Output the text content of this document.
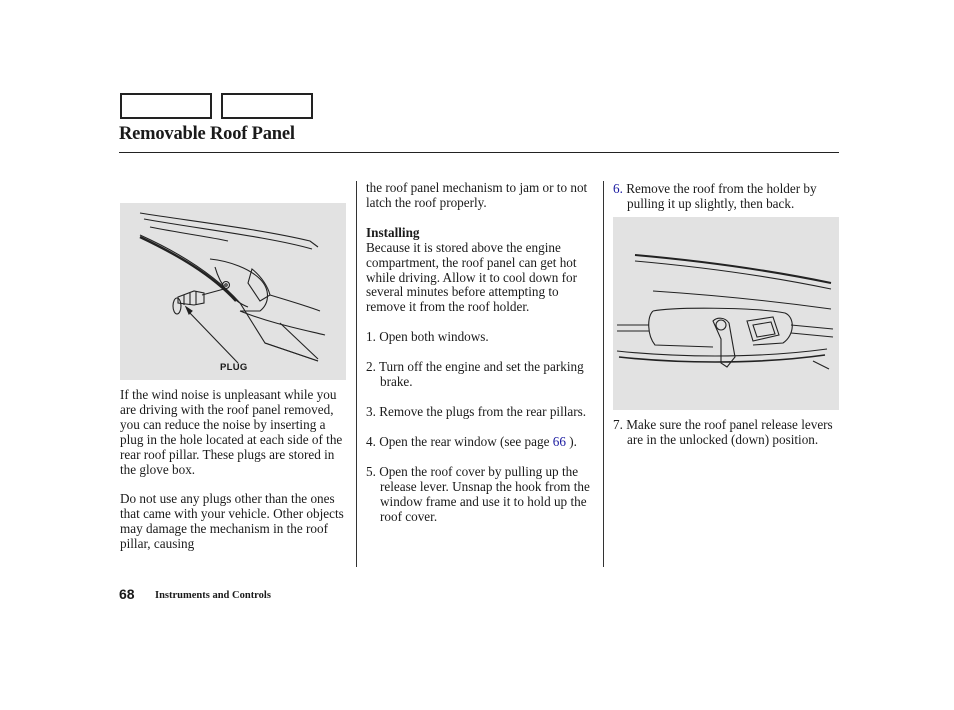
Removable Roof Panel
PLUG

If the wind noise is unpleasant while you are driving with the roof panel removed, you can reduce the noise by inserting a plug in the hole located at each side of the rear roof pillar. These plugs are stored in the glove box.

Do not use any plugs other than the ones that came with your vehicle. Other objects may damage the mechanism in the roof pillar, causing

the roof panel mechanism to jam or to not latch the roof properly.

Installing

Because it is stored above the engine compartment, the roof panel can get hot while driving. Allow it to cool down for several minutes before attempting to remove it from the roof holder.

1. Open both windows.

2. Turn off the engine and set the parking brake.

3. Remove the plugs from the rear pillars.

4. Open the rear window (see page 66 ).

5. Open the roof cover by pulling up the release lever. Unsnap the hook from the window frame and use it to hold up the roof cover.

6. Remove the roof from the holder by pulling it up slightly, then back.

7. Make sure the roof panel release levers are in the unlocked (down) position.

68 Instruments and Controls
